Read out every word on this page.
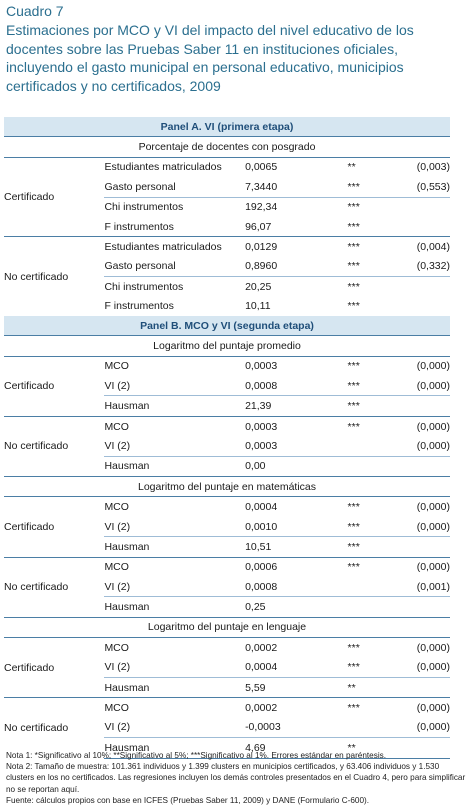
Cuadro 7
Estimaciones por MCO y VI del impacto del nivel educativo de los docentes sobre las Pruebas Saber 11 en instituciones oficiales, incluyendo el gasto municipal en personal educativo, municipios certificados y no certificados, 2009
Panel A. VI (primera etapa)				
Porcentaje de docentes con posgrado				
Certificado	Estudiantes matriculados	0,0065	**	(0,003)
	Gasto personal	7,3440	***	(0,553)
	Chi instrumentos	192,34	***	
	F instrumentos	96,07	***	
No certificado	Estudiantes matriculados	0,0129	***	(0,004)
	Gasto personal	0,8960	***	(0,332)
	Chi instrumentos	20,25	***	
	F instrumentos	10,11	***	
Panel B. MCO y VI (segunda etapa)				
Logaritmo del puntaje promedio				
Certificado	MCO	0,0003	***	(0,000)
	VI (2)	0,0008	***	(0,000)
	Hausman	21,39	***	
No certificado	MCO	0,0003	***	(0,000)
	VI (2)	0,0003		(0,000)
	Hausman	0,00		
Logaritmo del puntaje en matemáticas				
Certificado	MCO	0,0004	***	(0,000)
	VI (2)	0,0010	***	(0,000)
	Hausman	10,51	***	
No certificado	MCO	0,0006	***	(0,000)
	VI (2)	0,0008		(0,001)
	Hausman	0,25		
Logaritmo del puntaje en lenguaje				
Certificado	MCO	0,0002	***	(0,000)
	VI (2)	0,0004	***	(0,000)
	Hausman	5,59	**	
No certificado	MCO	0,0002	***	(0,000)
	VI (2)	-0,0003		(0,000)
	Hausman	4,69	**	
Nota 1: *Significativo al 10%; **Significativo al 5%; ***Significativo al 1%. Errores estándar en paréntesis.
Nota 2: Tamaño de muestra: 101.361 individuos y 1.399 clusters en municipios certificados, y 63.406 individuos y 1.530 clusters en los no certificados. Las regresiones incluyen los demás controles presentados en el Cuadro 4, pero para simplificar no se reportan aquí.
Fuente: cálculos propios con base en ICFES (Pruebas Saber 11, 2009) y DANE (Formulario C-600).
